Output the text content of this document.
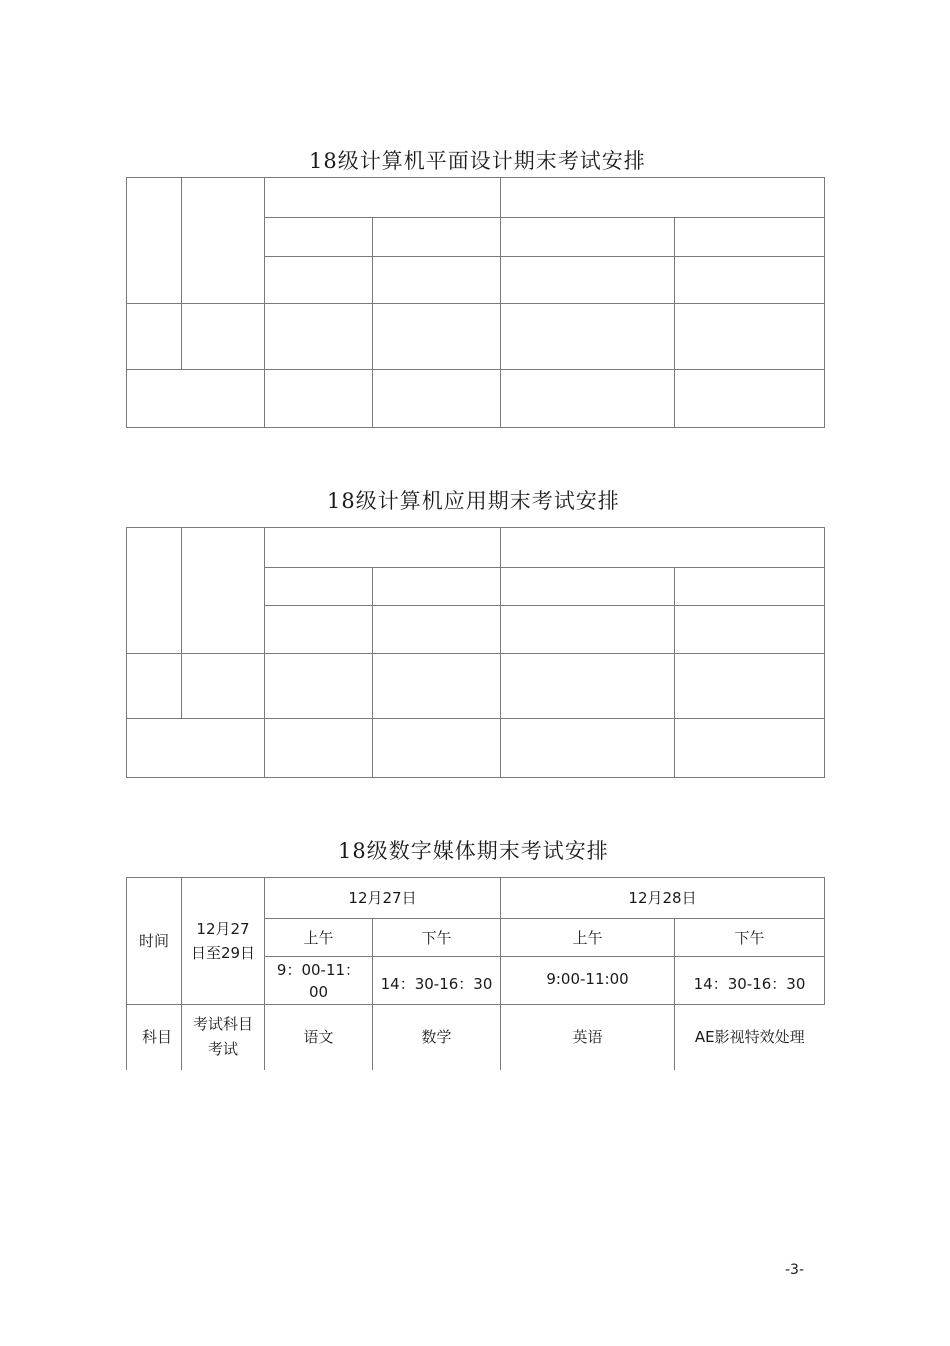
18级计算机平面设计期末考试安排

18级计算机应用期末考试安排

18级数字媒体期末考试安排
时间	12月27日至29日	12月27日		12月28日	
		上午	下午	上午	下午
		9：00-11：00	14：30-16：30	9:00-11:00	14：30-16：30
科目	考试科目考试	语文	数学	英语	AE影视特效处理
-3-
